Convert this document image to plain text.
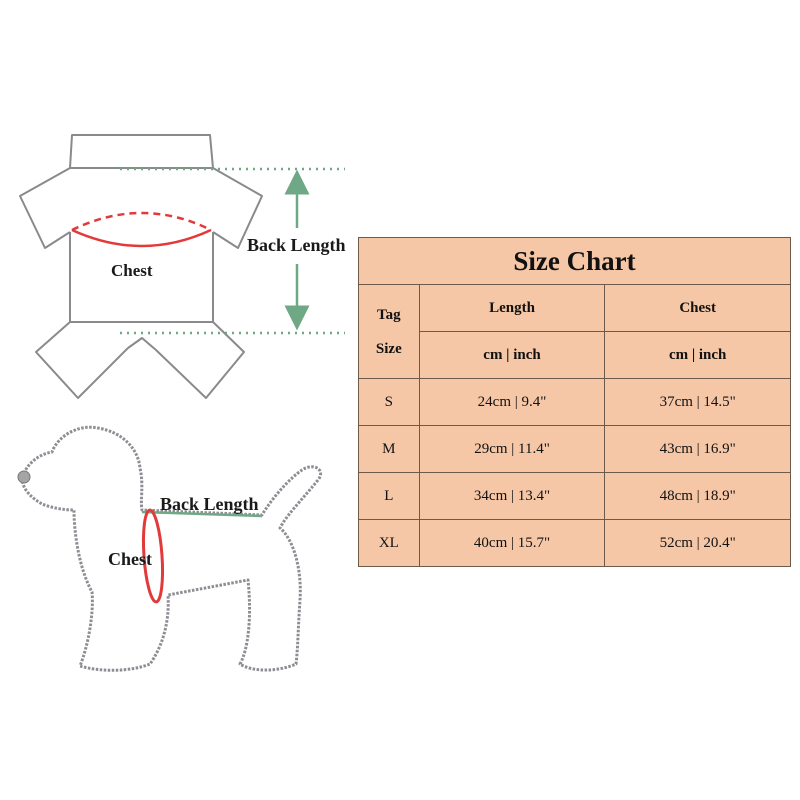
Chest
Back Length
Back Length
Chest
Size Chart		

Tag
Size	Length	Chest
	cm | inch	cm | inch
S	24cm | 9.4"	37cm | 14.5"
M	29cm | 11.4"	43cm | 16.9"
L	34cm | 13.4"	48cm | 18.9"
XL	40cm | 15.7"	52cm | 20.4"
